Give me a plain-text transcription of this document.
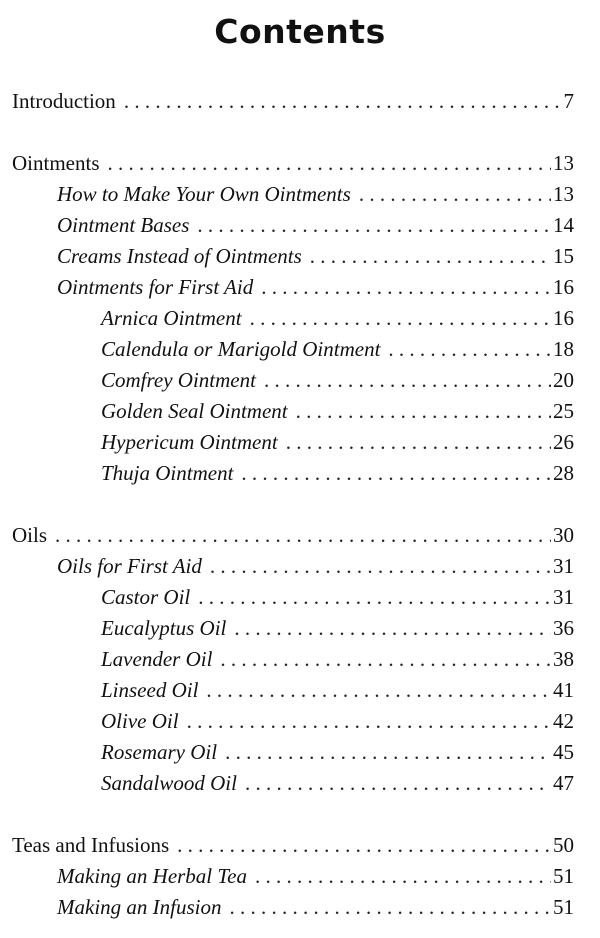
Contents
Introduction . . .	7
Ointments . . .	13
How to Make Your Own Ointments . . .	13
Ointment Bases . . .	14
Creams Instead of Ointments . . .	15
Ointments for First Aid . . .	16
Arnica Ointment . . .	16
Calendula or Marigold Ointment . . .	18
Comfrey Ointment . . .	20
Golden Seal Ointment . . .	25
Hypericum Ointment . . .	26
Thuja Ointment . . .	28
Oils . . .	30
Oils for First Aid . . .	31
Castor Oil . . .	31
Eucalyptus Oil . . .	36
Lavender Oil . . .	38
Linseed Oil . . .	41
Olive Oil . . .	42
Rosemary Oil . . .	45
Sandalwood Oil . . .	47
Teas and Infusions . . .	50
Making an Herbal Tea . . .	51
Making an Infusion . . .	51
